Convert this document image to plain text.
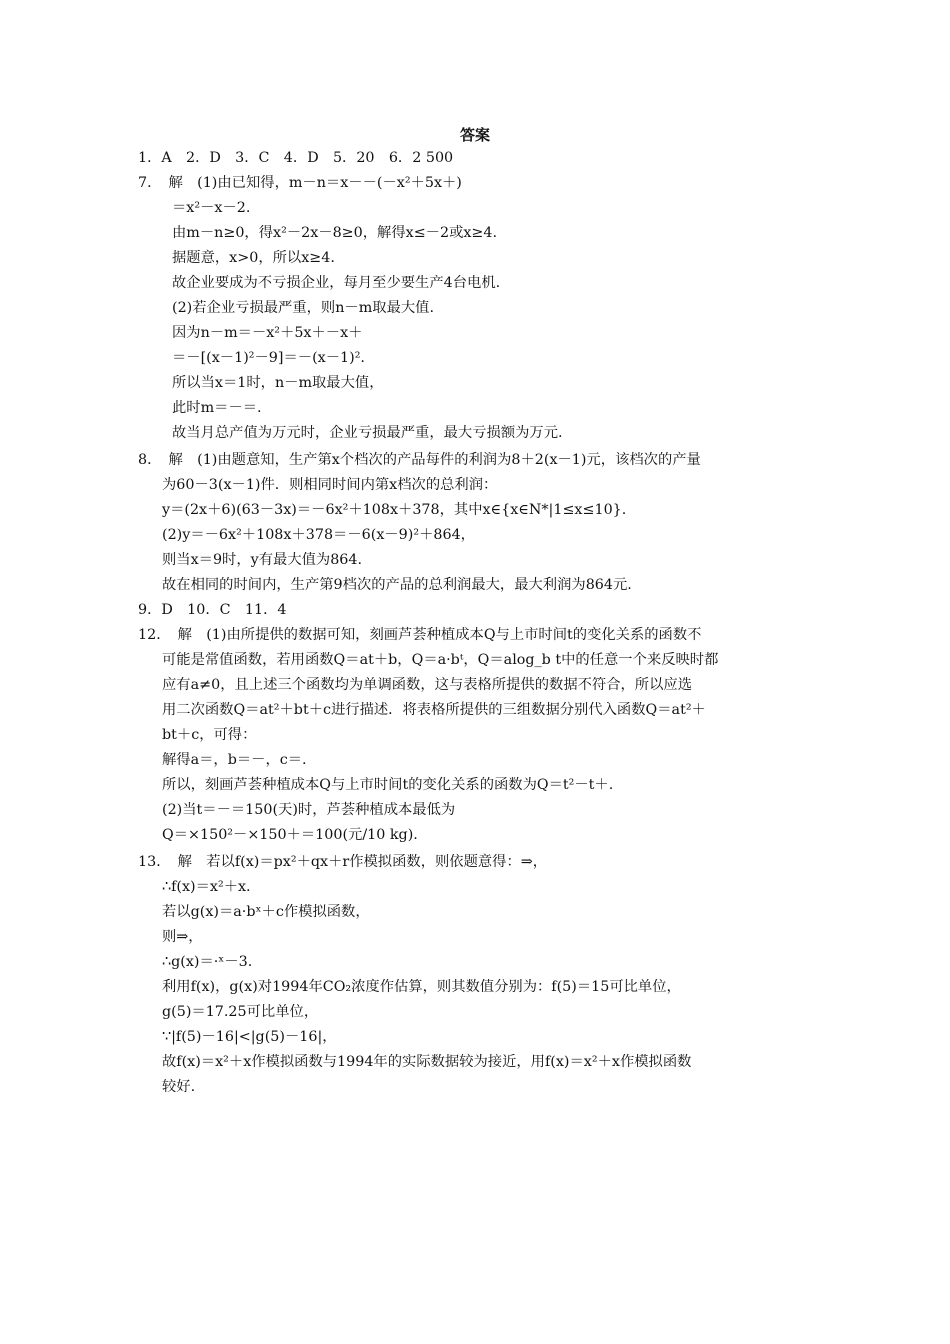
答案
1．A　2．D　3．C　4．D　5．20　6．2 500
7．　解　(1)由已知得，m－n＝x－－(－x²＋5x＋)
＝x²－x－2.
由m－n≥0，得x²－2x－8≥0，解得x≤－2或x≥4.
据题意，x>0，所以x≥4.
故企业要成为不亏损企业，每月至少要生产4台电机.
(2)若企业亏损最严重，则n－m取最大值.
因为n－m＝－x²＋5x＋－x＋
＝－[(x－1)²－9]＝－(x－1)².
所以当x＝1时，n－m取最大值，
此时m＝－＝.
故当月总产值为万元时，企业亏损最严重，最大亏损额为万元.
8．　解　(1)由题意知，生产第x个档次的产品每件的利润为8＋2(x－1)元，该档次的产量
为60－3(x－1)件．则相同时间内第x档次的总利润：
y＝(2x＋6)(63－3x)＝－6x²＋108x＋378，其中x∈{x∈N*|1≤x≤10}.
(2)y＝－6x²＋108x＋378＝－6(x－9)²＋864，
则当x＝9时，y有最大值为864.
故在相同的时间内，生产第9档次的产品的总利润最大，最大利润为864元.
9．D　10．C　11．4
12．　解　(1)由所提供的数据可知，刻画芦荟种植成本Q与上市时间t的变化关系的函数不
可能是常值函数，若用函数Q＝at＋b，Q＝a·bᵗ，Q＝alog_b t中的任意一个来反映时都
应有a≠0，且上述三个函数均为单调函数，这与表格所提供的数据不符合，所以应选
用二次函数Q＝at²＋bt＋c进行描述．将表格所提供的三组数据分别代入函数Q＝at²＋
bt＋c，可得：
解得a＝，b＝－，c＝.
所以，刻画芦荟种植成本Q与上市时间t的变化关系的函数为Q＝t²－t＋.
(2)当t＝－＝150(天)时，芦荟种植成本最低为
Q＝×150²－×150＋＝100(元/10 kg).
13．　解　若以f(x)＝px²＋qx＋r作模拟函数，则依题意得：⇒，
∴f(x)＝x²＋x.
若以g(x)＝a·bˣ＋c作模拟函数，
则⇒，
∴g(x)＝·ˣ－3.
利用f(x)，g(x)对1994年CO₂浓度作估算，则其数值分别为：f(5)＝15可比单位，
g(5)＝17.25可比单位，
∵|f(5)－16|<|g(5)－16|，
故f(x)＝x²＋x作模拟函数与1994年的实际数据较为接近，用f(x)＝x²＋x作模拟函数
较好.
